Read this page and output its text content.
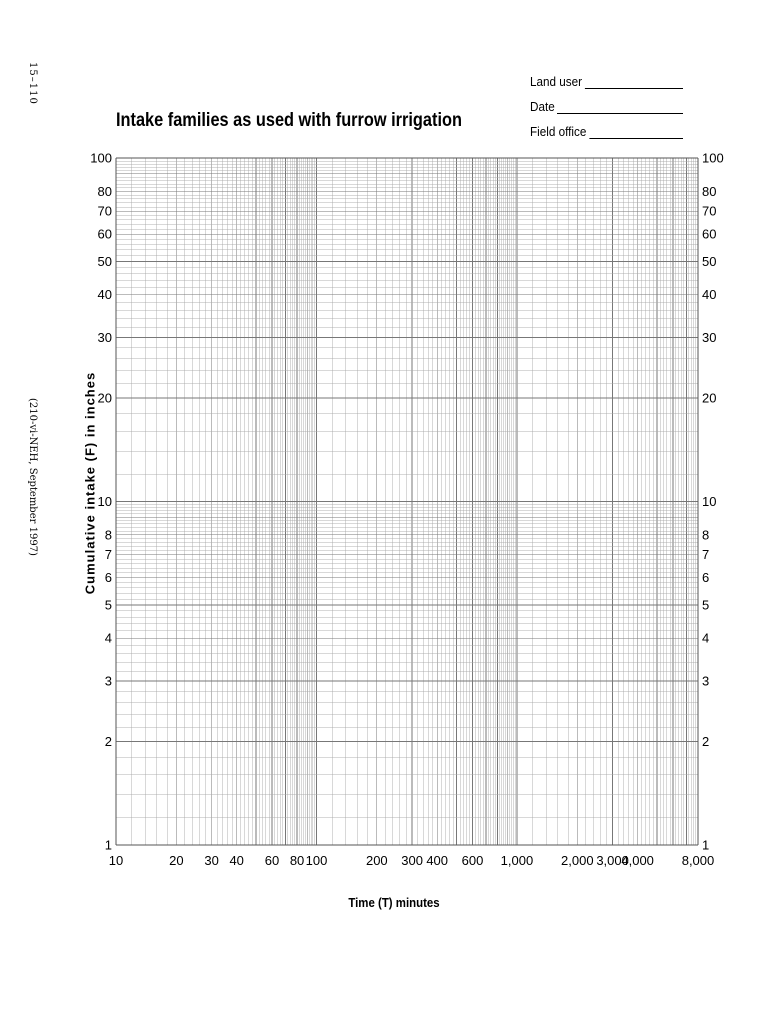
15–110
(210-vi-NEH, September 1997)
Land user
Date
Field office
Intake families as used with furrow irrigation
Cumulative intake (F) in inches
Time (T) minutes
1	1
2	2
3	3
4	4
5	5
6	6
7	7
8	8
10	10
20	20
30	30
40	40
50	50
60	60
70	70
80	80
100	100
10	20 30 40 60 80 100	200 300 400 600 1,000 2,000 3,000
4,000 8,000
